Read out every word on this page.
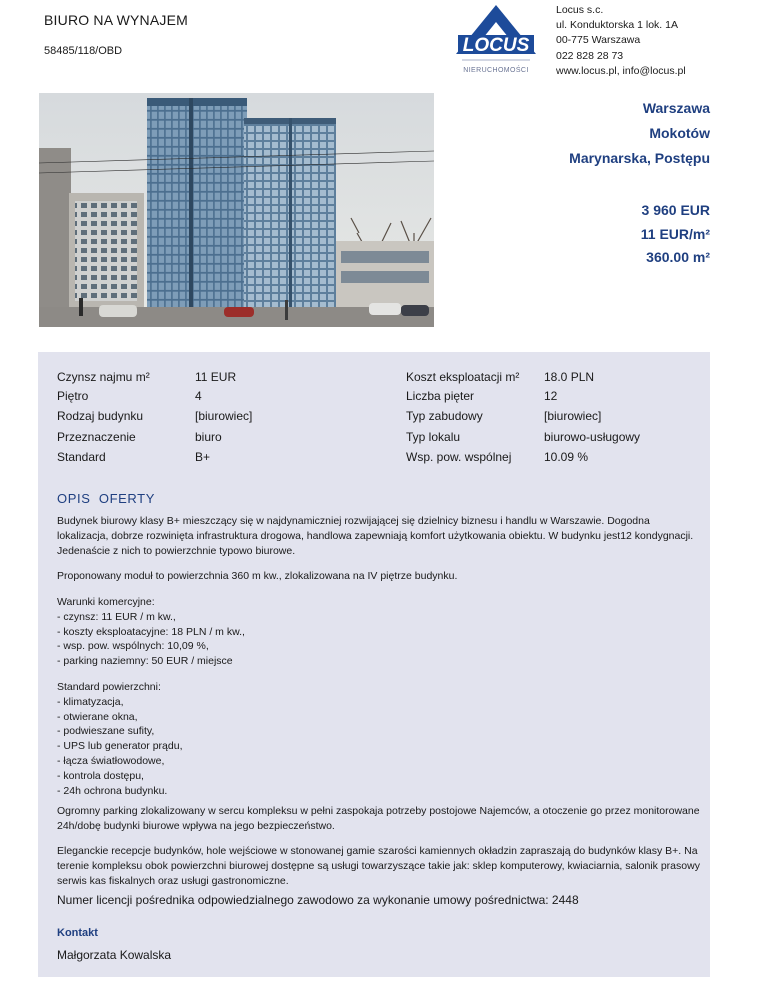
BIURO NA WYNAJEM
58485/118/OBD	LOCUS
NIERUCHOMOŚCI
Locus s.c.
ul. Konduktorska 1 lok. 1A
00-775 Warszawa
022 828 28 73
www.locus.pl, info@locus.pl
Warszawa
Mokotów
Marynarska, Postępu
3 960 EUR
11 EUR/m²
360.00 m²
Czynsz najmu m²	11 EUR	Koszt eksploatacji m² 18.0 PLN
Piętro	4	Liczba pięter	12
Rodzaj budynku	[biurowiec]	Typ zabudowy	[biurowiec]
Przeznaczenie	biuro	Typ lokalu	biurowo-usługowy
Standard	B+	Wsp. pow. wspólnej	10.09 %
OPIS  OFERTY
Budynek biurowy klasy B+ mieszczący się w najdynamiczniej rozwijającej się dzielnicy biznesu i handlu w Warszawie. Dogodna lokalizacja, dobrze rozwinięta infrastruktura drogowa, handlowa zapewniają komfort użytkowania obiektu. W budynku jest12 kondygnacji. Jedenaście z nich to powierzchnie typowo biurowe.
Proponowany moduł to powierzchnia 360 m kw., zlokalizowana na IV piętrze budynku.
Warunki komercyjne:
- czynsz: 11 EUR / m kw.,
- koszty eksploatacyjne: 18 PLN / m kw.,
- wsp. pow. wspólnych: 10,09 %,
- parking naziemny: 50 EUR / miejsce
Standard powierzchni:
- klimatyzacja,
- otwierane okna,
- podwieszane sufity,
- UPS lub generator prądu,
- łącza światłowodowe,
- kontrola dostępu,
- 24h ochrona budynku.
Ogromny parking zlokalizowany w sercu kompleksu w pełni zaspokaja potrzeby postojowe Najemców, a otoczenie go przez monitorowane 24h/dobę budynki biurowe wpływa na jego bezpieczeństwo.
Eleganckie recepcje budynków, hole wejściowe w stonowanej gamie szarości kamiennych okładzin zapraszają do budynków klasy B+. Na terenie kompleksu obok powierzchni biurowej dostępne są usługi towarzyszące takie jak: sklep komputerowy, kwiaciarnia, salonik prasowy serwis kas fiskalnych oraz usługi gastronomiczne.
Numer licencji pośrednika odpowiedzialnego zawodowo za wykonanie umowy pośrednictwa: 2448
Kontakt
Małgorzata Kowalska
